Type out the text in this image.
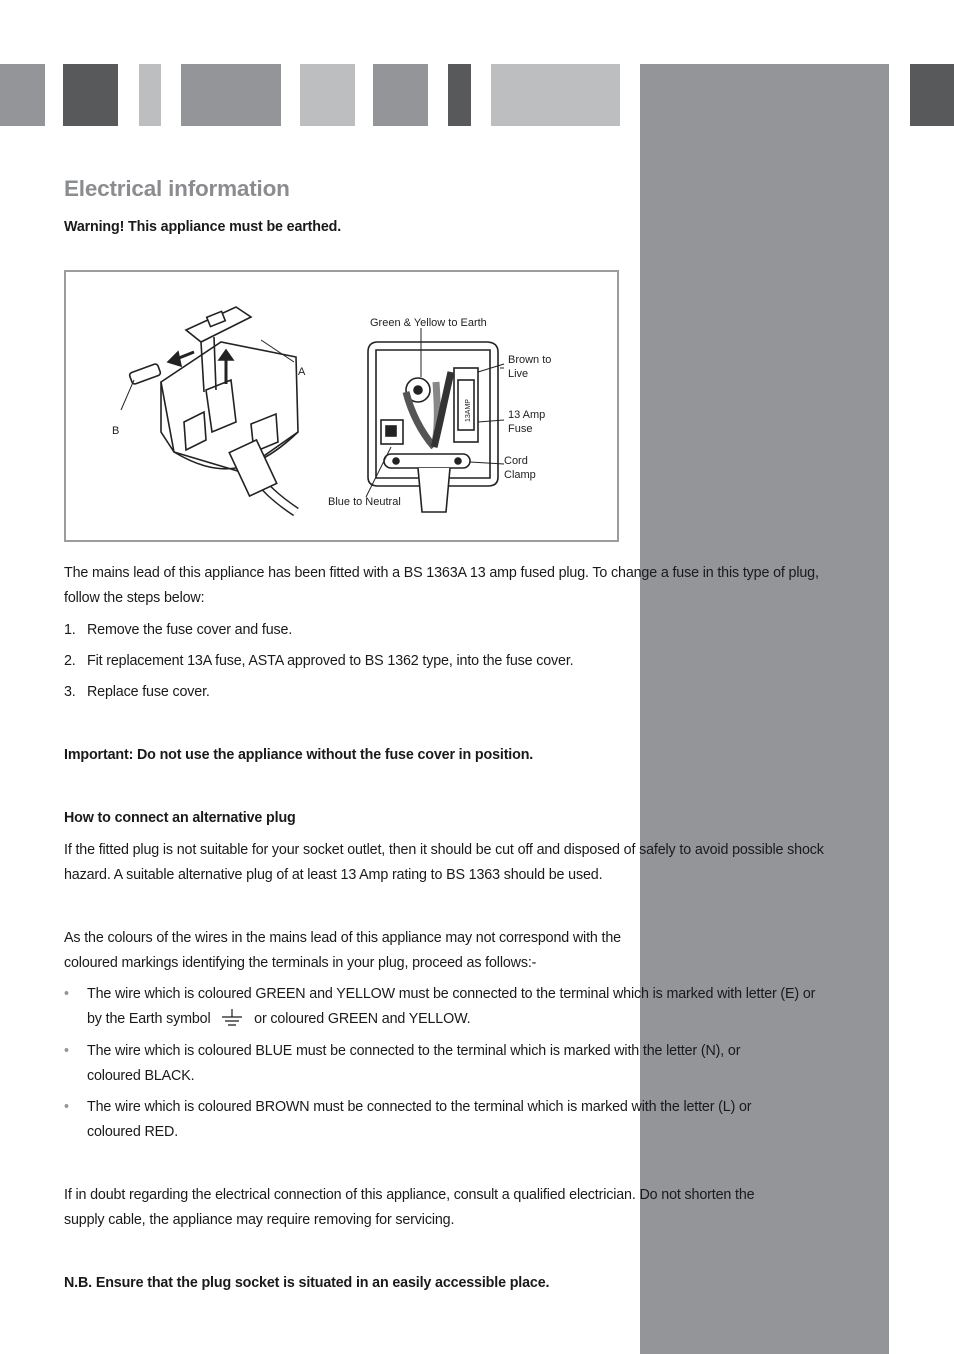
Electrical information

Warning! This appliance must be earthed.

A
B
Green & Yellow to Earth
Brown to
Live
13 Amp
Fuse
13AMP
Cord
Clamp
Blue to Neutral

The mains lead of this appliance has been fitted with a BS 1363A 13 amp fused plug. To change a fuse in this type of plug,

follow the steps below:

1. Remove the fuse cover and fuse.
2. Fit replacement 13A fuse, ASTA approved to BS 1362 type, into the fuse cover.
3. Replace fuse cover.

Important: Do not use the appliance without the fuse cover in position.

How to connect an alternative plug

If the fitted plug is not suitable for your socket outlet, then it should be cut off and disposed of safely to avoid possible shock

hazard. A suitable alternative plug of at least 13 Amp rating to BS 1363 should be used.

As the colours of the wires in the mains lead of this appliance may not correspond with the

coloured markings identifying the terminals in your plug, proceed as follows:-

• The wire which is coloured GREEN and YELLOW must be connected to the terminal which is marked with letter (E) or
by the Earth symbol	or coloured GREEN and YELLOW.
• The wire which is coloured BLUE must be connected to the terminal which is marked with the letter (N), or
coloured BLACK.
• The wire which is coloured BROWN must be connected to the terminal which is marked with the letter (L) or
coloured RED.

If in doubt regarding the electrical connection of this appliance, consult a qualified electrician. Do not shorten the

supply cable, the appliance may require removing for servicing.

N.B. Ensure that the plug socket is situated in an easily accessible place.
